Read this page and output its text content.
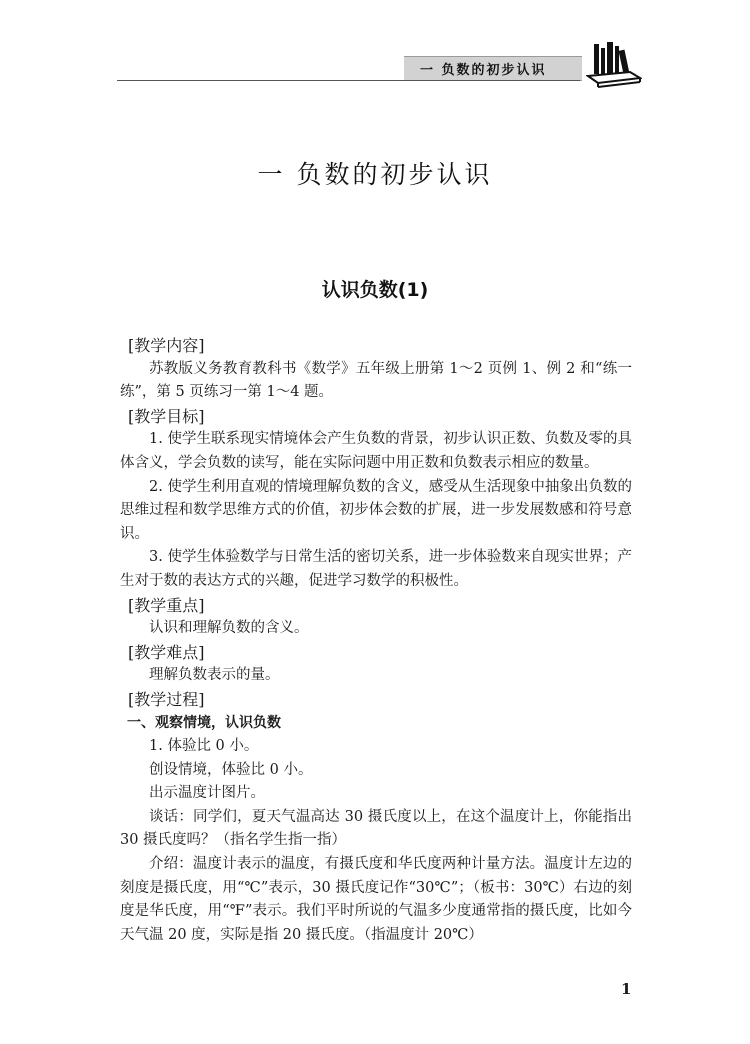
一 负数的初步认识
一 负数的初步认识
认识负数(1)
[教学内容]

苏教版义务教育教科书《数学》五年级上册第 1～2 页例 1、例 2 和“练一练”，第 5 页练习一第 1～4 题。

[教学目标]

1. 使学生联系现实情境体会产生负数的背景，初步认识正数、负数及零的具体含义，学会负数的读写，能在实际问题中用正数和负数表示相应的数量。

2. 使学生利用直观的情境理解负数的含义，感受从生活现象中抽象出负数的思维过程和数学思维方式的价值，初步体会数的扩展，进一步发展数感和符号意识。

3. 使学生体验数学与日常生活的密切关系，进一步体验数来自现实世界；产生对于数的表达方式的兴趣，促进学习数学的积极性。

[教学重点]

认识和理解负数的含义。

[教学难点]

理解负数表示的量。

[教学过程]

一、观察情境，认识负数

1. 体验比 0 小。

创设情境，体验比 0 小。

出示温度计图片。

谈话：同学们，夏天气温高达 30 摄氏度以上，在这个温度计上，你能指出 30 摄氏度吗？（指名学生指一指）

介绍：温度计表示的温度，有摄氏度和华氏度两种计量方法。温度计左边的刻度是摄氏度，用“℃”表示，30 摄氏度记作“30℃”；（板书：30℃）右边的刻度是华氏度，用“℉”表示。我们平时所说的气温多少度通常指的摄氏度，比如今天气温 20 度，实际是指 20 摄氏度。（指温度计 20℃）

1
